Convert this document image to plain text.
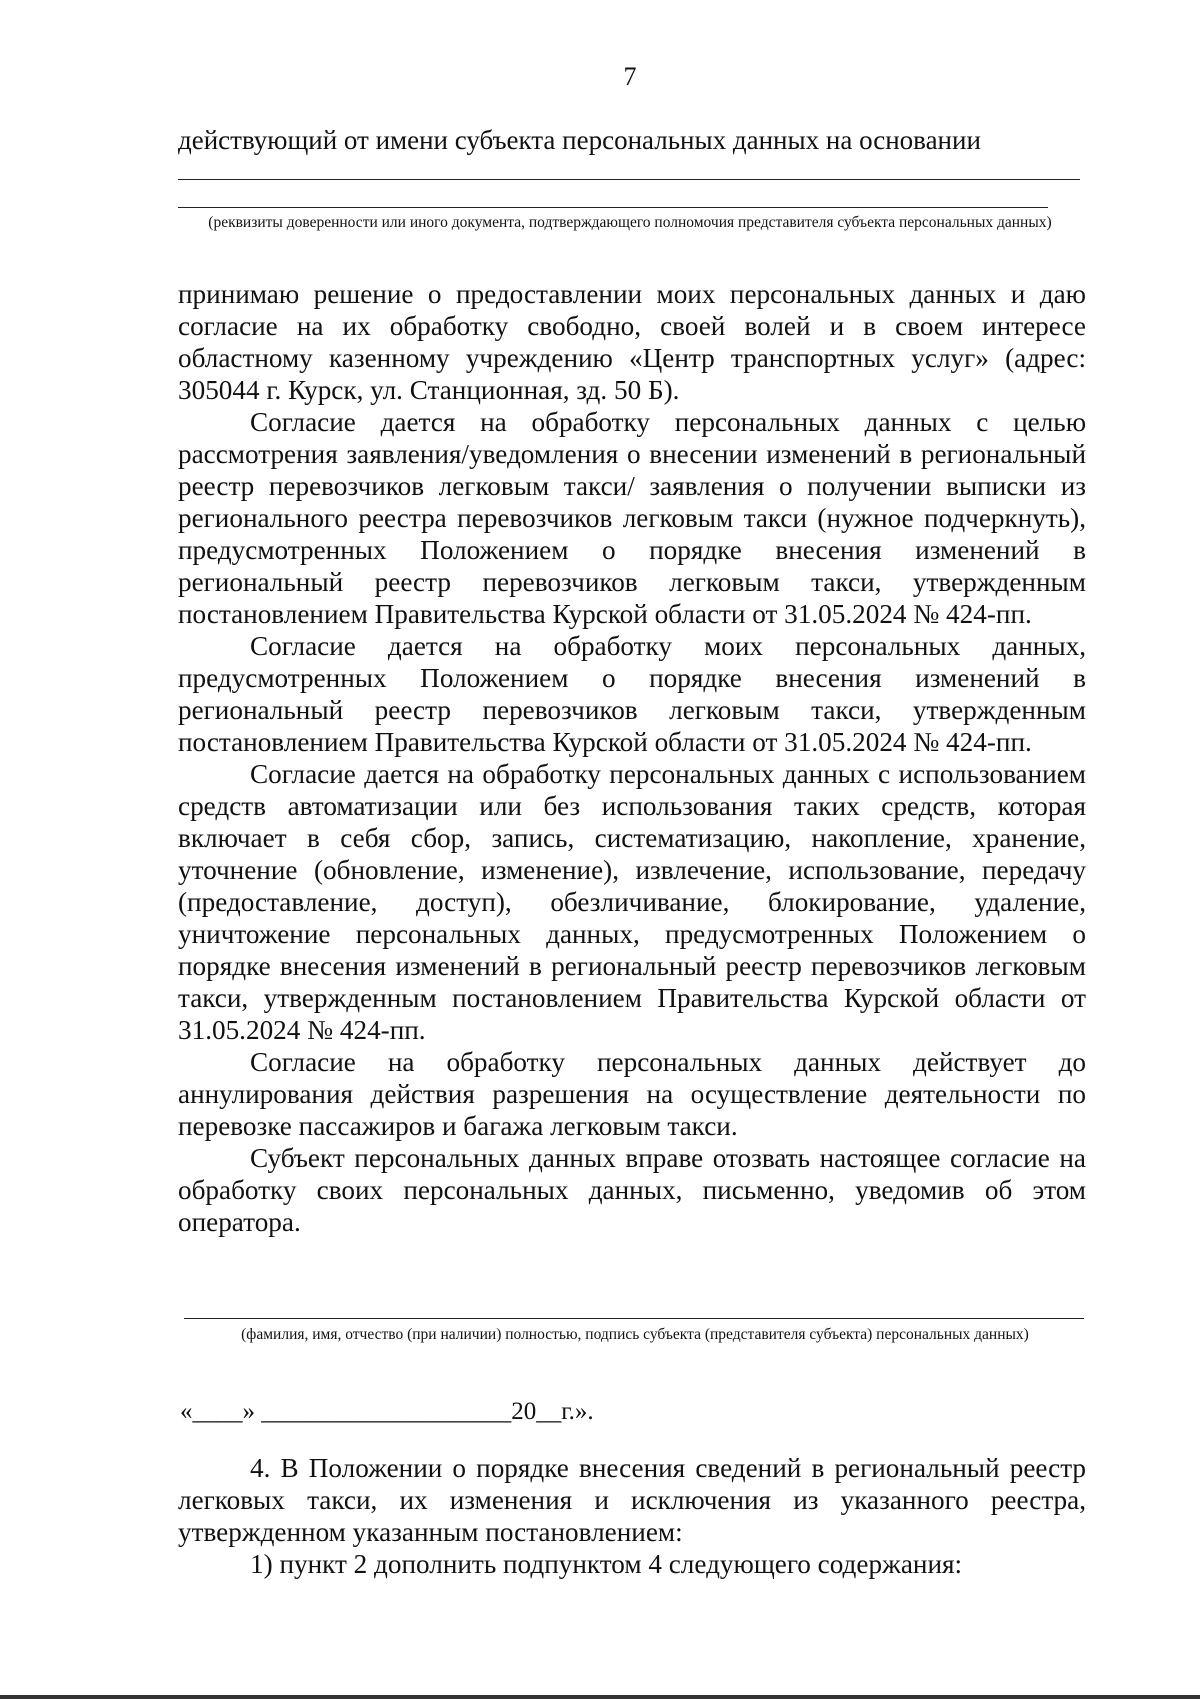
7
действующий от имени субъекта персональных данных на основании
(реквизиты доверенности или иного документа, подтверждающего полномочия представителя субъекта персональных данных)

принимаю решение о предоставлении моих персональных данных и даю согласие на их обработку свободно, своей волей и в своем интересе областному казенному учреждению «Центр транспортных услуг» (адрес: 305044 г. Курск, ул. Станционная, зд. 50 Б).

Согласие дается на обработку персональных данных с целью рассмотрения заявления/уведомления о внесении изменений в региональный реестр перевозчиков легковым такси/ заявления о получении выписки из регионального реестра перевозчиков легковым такси (нужное подчеркнуть), предусмотренных Положением о порядке внесения изменений в региональный реестр перевозчиков легковым такси, утвержденным постановлением Правительства Курской области от 31.05.2024 № 424-пп.

Согласие дается на обработку моих персональных данных, предусмотренных Положением о порядке внесения изменений в региональный реестр перевозчиков легковым такси, утвержденным постановлением Правительства Курской области от 31.05.2024 № 424-пп.

Согласие дается на обработку персональных данных с использованием средств автоматизации или без использования таких средств, которая включает в себя сбор, запись, систематизацию, накопление, хранение, уточнение (обновление, изменение), извлечение, использование, передачу (предоставление, доступ), обезличивание, блокирование, удаление, уничтожение персональных данных, предусмотренных Положением о порядке внесения изменений в региональный реестр перевозчиков легковым такси, утвержденным постановлением Правительства Курской области от 31.05.2024 № 424-пп.

Согласие на обработку персональных данных действует до аннулирования действия разрешения на осуществление деятельности по перевозке пассажиров и багажа легковым такси.

Субъект персональных данных вправе отозвать настоящее согласие на обработку своих персональных данных, письменно, уведомив об этом оператора.

(фамилия, имя, отчество (при наличии) полностью, подпись субъекта (представителя субъекта) персональных данных)
«____» ____________________20__г.».

4. В Положении о порядке внесения сведений в региональный реестр легковых такси, их изменения и исключения из указанного реестра, утвержденном указанным постановлением:

1) пункт 2 дополнить подпунктом 4 следующего содержания:
